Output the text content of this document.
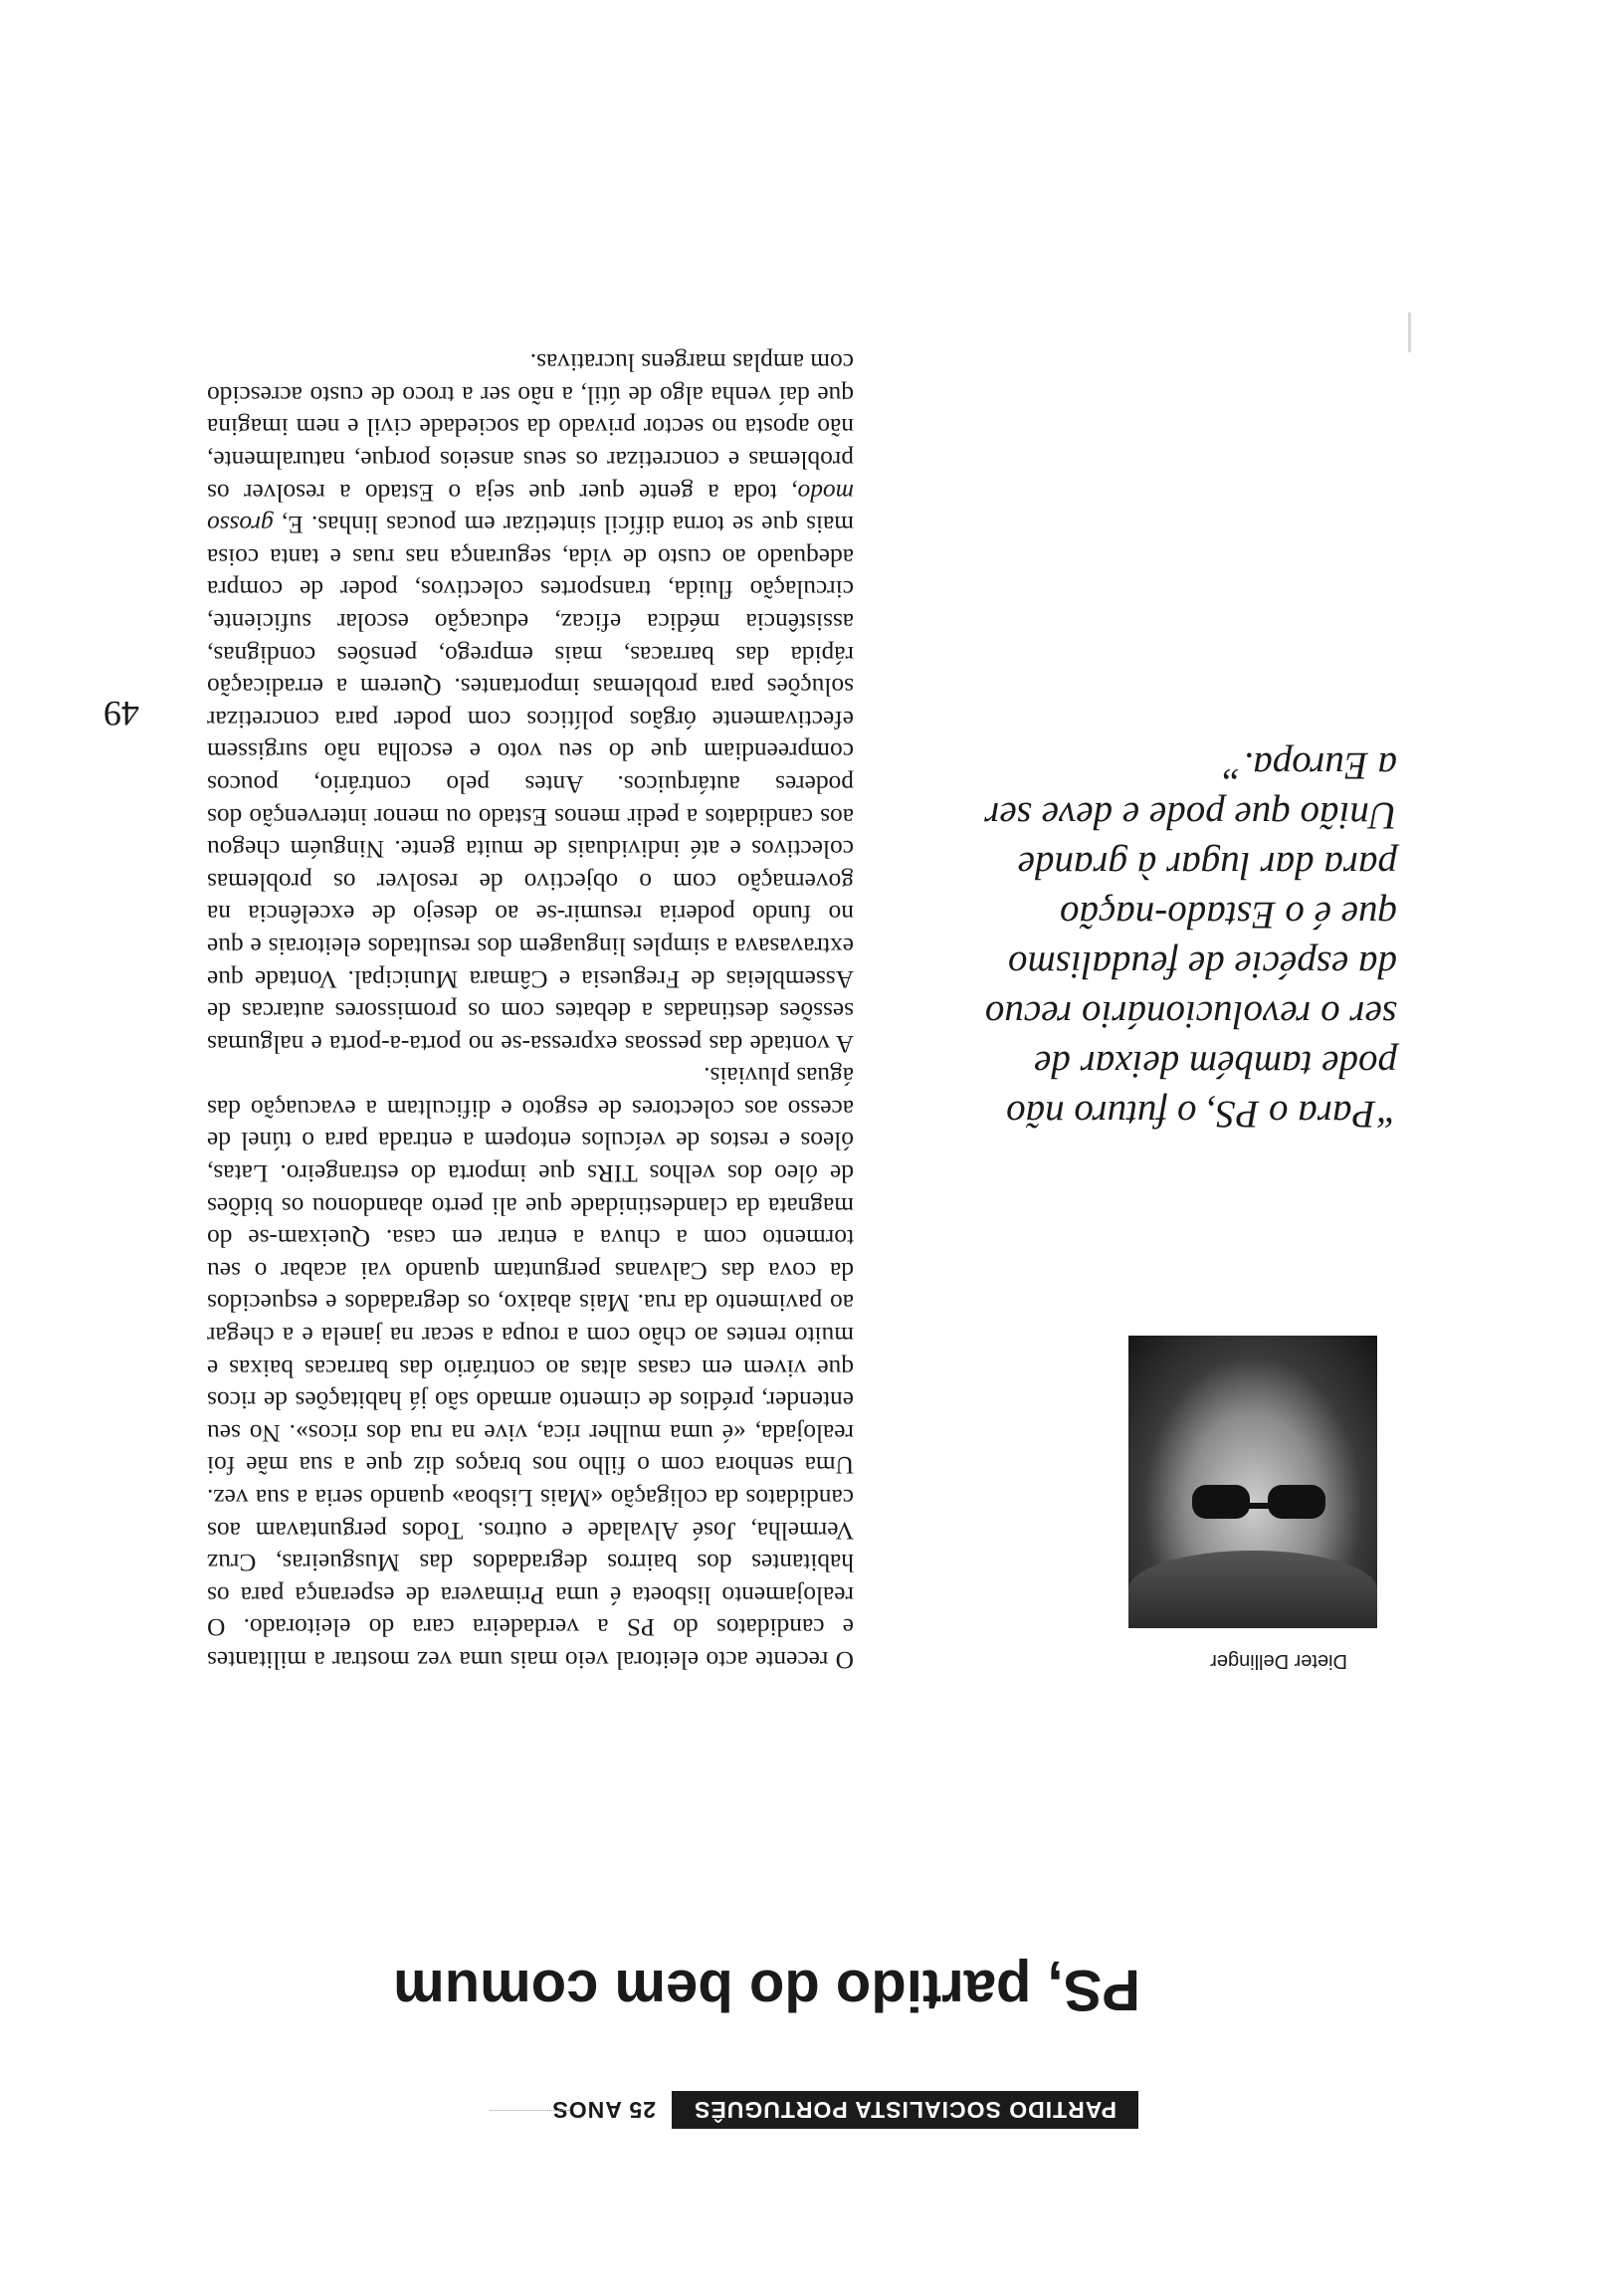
PARTIDO SOCIALISTA PORTUGUÊS
25 ANOS
PS, partido do bem comum
Dieter Dellinger

“Para o PS, o futuro não pode também deixar de ser o revolucionário recuo da espécie de feudalismo que é o Estado-nação para dar lugar à grande União que pode e deve ser a Europa.”

O recente acto eleitoral veio mais uma vez mostrar a militantes e candidatos do PS a verdadeira cara do eleitorado. O realojamento lisboeta é uma Primavera de esperança para os habitantes dos bairros degradados das Musgueiras, Cruz Vermelha, José Alvalade e outros. Todos perguntavam aos candidatos da coligação «Mais Lisboa» quando seria a sua vez. Uma senhora com o filho nos braços diz que a sua mãe foi realojada, «é uma mulher rica, vive na rua dos ricos». No seu entender, prédios de cimento armado são já habitações de ricos que vivem em casas altas ao contrário das barracas baixas e muito rentes ao chão com a roupa a secar na janela e a chegar ao pavimento da rua. Mais abaixo, os degradados e esquecidos da cova das Calvanas perguntam quando vai acabar o seu tormento com a chuva a entrar em casa. Queixam-se do magnata da clandestinidade que ali perto abandonou os bidões de óleo dos velhos TIRs que importa do estrangeiro. Latas, óleos e restos de veículos entopem a entrada para o túnel de acesso aos colectores de esgoto e dificultam a evacuação das águas pluviais.

A vontade das pessoas expressa-se no porta-a-porta e nalgumas sessões destinadas a debates com os promissores autarcas de Assembleias de Freguesia e Câmara Municipal. Vontade que extravasava a simples linguagem dos resultados eleitorais e que no fundo poderia resumir-se ao desejo de excelência na governação com o objectivo de resolver os problemas colectivos e até individuais de muita gente. Ninguém chegou aos candidatos a pedir menos Estado ou menor intervenção dos poderes autárquicos. Antes pelo contrário, poucos compreendiam que do seu voto e escolha não surgissem efectivamente órgãos políticos com poder para concretizar soluções para problemas importantes. Querem a erradicação rápida das barracas, mais emprego, pensões condignas, assistência médica eficaz, educação escolar suficiente, circulação fluida, transportes colectivos, poder de compra adequado ao custo de vida, segurança nas ruas e tanta coisa mais que se torna difícil sintetizar em poucas linhas. E, grosso modo, toda a gente quer que seja o Estado a resolver os problemas e concretizar os seus anseios porque, naturalmente, não aposta no sector privado da sociedade civil e nem imagina que daí venha algo de útil, a não ser a troco de custo acrescido com amplas margens lucrativas.

49
